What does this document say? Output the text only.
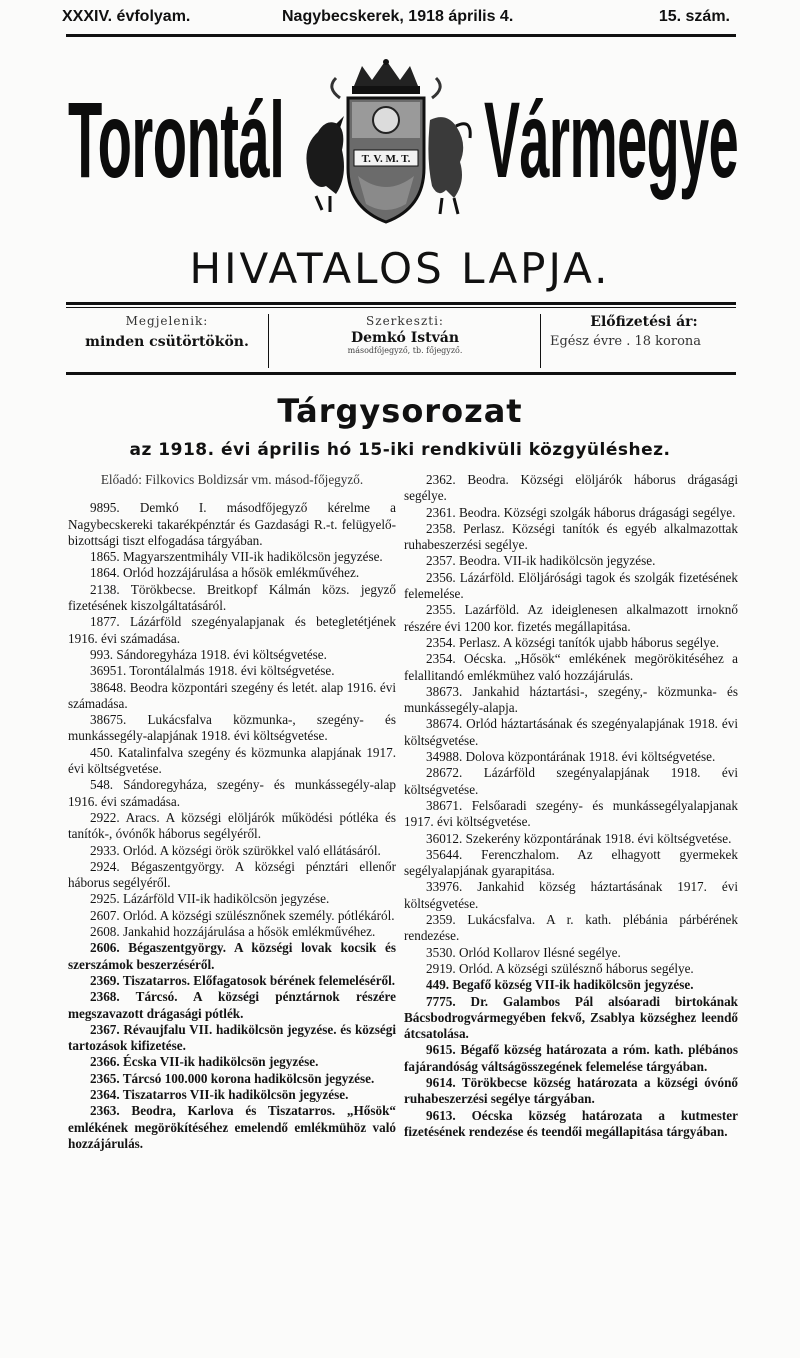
XXXIV. évfolyam.	Nagybecskerek, 1918 április 4.	15. szám.
Torontál	T. V. M. T. Vármegye
HIVATALOS LAPJA.
Megjelenik:
minden csütörtökön.
Szerkeszti:
Demkó István
másodfőjegyző, tb. főjegyző.
Előfizetési ár:
Egész évre . 18 korona
Tárgysorozat
az 1918. évi április hó 15-iki rendkivüli közgyüléshez.

Előadó: Filkovics Boldizsár vm. másod-főjegyző.

9895. Demkó I. másodfőjegyző kérelme a Nagybecskereki takarékpénztár és Gazdasági R.-t. felügyelő-bizottsági tiszt elfogadása tárgyában.

1865. Magyarszentmihály VII-ik hadikölcsön jegyzése.

1864. Orlód hozzájárulása a hősök emlékművéhez.

2138. Törökbecse. Breitkopf Kálmán közs. jegyző fizetésének kiszolgáltatásáról.

1877. Lázárföld szegényalapjanak és betegletétjének 1916. évi számadása.

993. Sándoregyháza 1918. évi költségvetése.

36951. Torontálalmás 1918. évi költségvetése.

38648. Beodra központári szegény és letét. alap 1916. évi számadása.

38675. Lukácsfalva közmunka-, szegény- és munkássegély-alapjának 1918. évi költségvetése.

450. Katalinfalva szegény és közmunka alapjának 1917. évi költségvetése.

548. Sándoregyháza, szegény- és munkássegély-alap 1916. évi számadása.

2922. Aracs. A községi elöljárók működési pótléka és tanítók-, óvónők háborus segélyéről.

2933. Orlód. A községi örök szürökkel való ellátásáról.

2924. Bégaszentgyörgy. A községi pénztári ellenőr háborus segélyéről.

2925. Lázárföld VII-ik hadikölcsön jegyzése.

2607. Orlód. A községi szülésznőnek személy. pótlékáról.

2608. Jankahid hozzájárulása a hősök emlékművéhez.

2606. Bégaszentgyörgy. A községi lovak kocsik és szerszámok beszerzéséről.

2369. Tiszatarros. Előfagatosok bérének felemeléséről.

2368. Tárcsó. A községi pénztárnok részére megszavazott drágasági pótlék.

2367. Révaujfalu VII. hadikölcsön jegyzése. és községi tartozások kifizetése.

2366. Écska VII-ik hadikölcsön jegyzése.

2365. Tárcsó 100.000 korona hadikölcsön jegyzése.

2364. Tiszatarros VII-ik hadikölcsön jegyzése.

2363. Beodra, Karlova és Tiszatarros. „Hősök“ emlékének megörökítéséhez emelendő emlékmühöz való hozzájárulás.

2362. Beodra. Községi elöljárók háborus drágasági segélye.

2361. Beodra. Községi szolgák háborus drágasági segélye.

2358. Perlasz. Községi tanítók és egyéb alkalmazottak ruhabeszerzési segélye.

2357. Beodra. VII-ik hadikölcsön jegyzése.

2356. Lázárföld. Elöljárósági tagok és szolgák fizetésének felemelése.

2355. Lazárföld. Az ideiglenesen alkalmazott irnoknő részére évi 1200 kor. fizetés megállapitása.

2354. Perlasz. A községi tanítók ujabb háborus segélye.

2354. Oécska. „Hősök“ emlékének megörökitéséhez a felallitandó emlékmühez való hozzájárulás.

38673. Jankahid háztartási-, szegény,- közmunka- és munkássegély-alapja.

38674. Orlód háztartásának és szegényalapjának 1918. évi költségvetése.

34988. Dolova központárának 1918. évi költségvetése.

28672. Lázárföld szegényalapjának 1918. évi költségvetése.

38671. Felsőaradi szegény- és munkássegélyalapjanak 1917. évi költségvetése.

36012. Szekerény központárának 1918. évi költségvetése.

35644. Ferenczhalom. Az elhagyott gyermekek segélyalapjának gyarapitása.

33976. Jankahid község háztartásának 1917. évi költségvetése.

2359. Lukácsfalva. A r. kath. plébánia párbérének rendezése.

3530. Orlód Kollarov Ilésné segélye.

2919. Orlód. A községi szülésznő háborus segélye.

449. Begafő község VII-ik hadikölcsön jegyzése.

7775. Dr. Galambos Pál alsóaradi birtokának Bácsbodrogvármegyében fekvő, Zsablya községhez leendő átcsatolása.

9615. Bégafő község határozata a róm. kath. plébános fajárandóság váltságösszegének felemelése tárgyában.

9614. Törökbecse község határozata a községi óvónő ruhabeszerzési segélye tárgyában.

9613. Oécska község határozata a kutmester fizetésének rendezése és teendői megállapitása tárgyában.
